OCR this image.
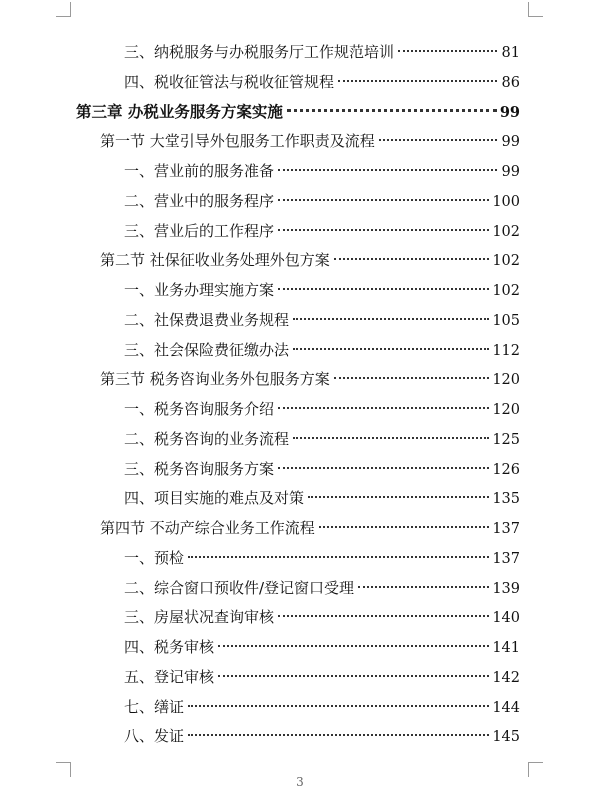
三、纳税服务与办税服务厅工作规范培训	81
四、税收征管法与税收征管规程	86
第三章 办税业务服务方案实施	99
第一节 大堂引导外包服务工作职责及流程	99
一、营业前的服务准备	99
二、营业中的服务程序	100
三、营业后的工作程序	102
第二节 社保征收业务处理外包方案	102
一、业务办理实施方案	102
二、社保费退费业务规程	105
三、社会保险费征缴办法	112
第三节 税务咨询业务外包服务方案	120
一、税务咨询服务介绍	120
二、税务咨询的业务流程	125
三、税务咨询服务方案	126
四、项目实施的难点及对策	135
第四节 不动产综合业务工作流程	137
一、预检	137
二、综合窗口预收件/登记窗口受理	139
三、房屋状况查询审核	140
四、税务审核	141
五、登记审核	142
七、缮证	144
八、发证	145
3
